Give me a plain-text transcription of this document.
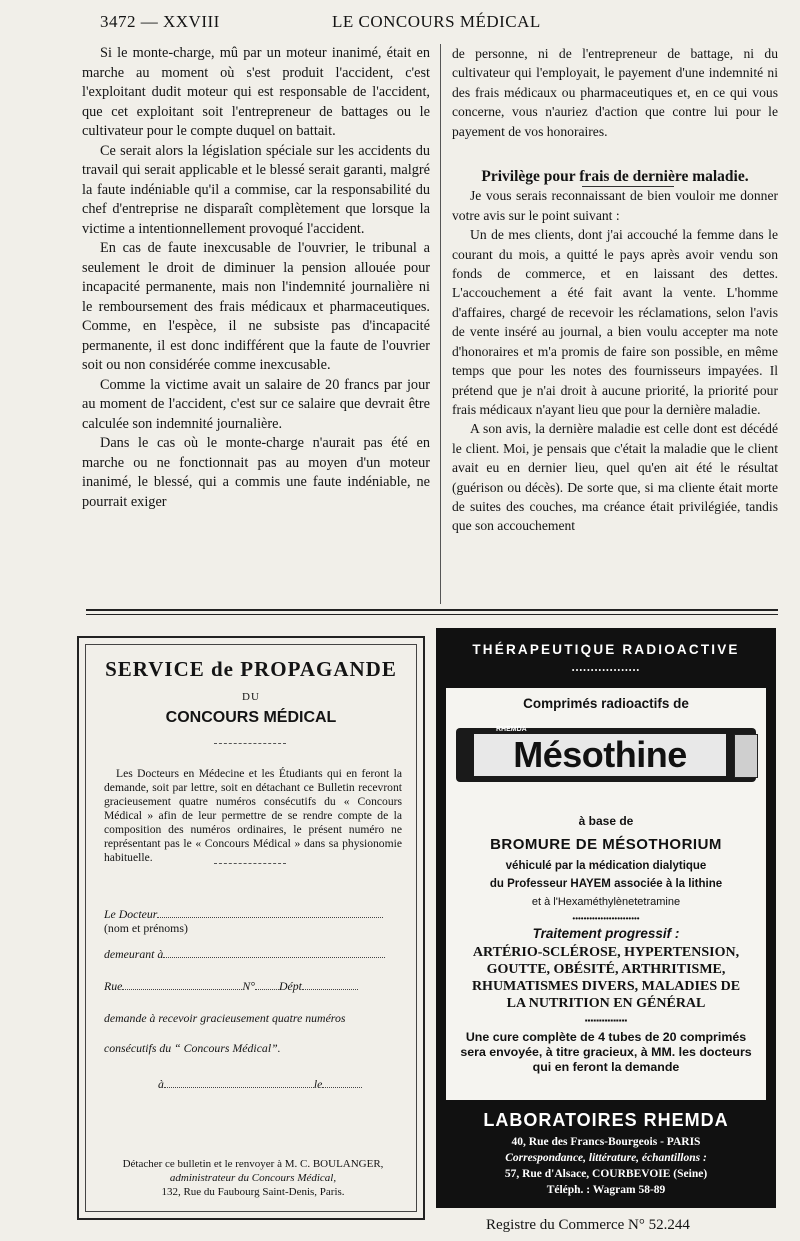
3472 — XXVIII	LE CONCOURS MÉDICAL

Si le monte-charge, mû par un moteur inanimé, était en marche au moment où s'est produit l'accident, c'est l'exploitant dudit moteur qui est responsable de l'accident, que cet exploitant soit l'entrepreneur de battages ou le cultivateur pour le compte duquel on battait.

Ce serait alors la législation spéciale sur les accidents du travail qui serait applicable et le blessé serait garanti, malgré la faute indéniable qu'il a commise, car la responsabilité du chef d'entreprise ne disparaît complètement que lorsque la victime a intentionnellement provoqué l'accident.

En cas de faute inexcusable de l'ouvrier, le tribunal a seulement le droit de diminuer la pension allouée pour incapacité permanente, mais non l'indemnité journalière ni le remboursement des frais médicaux et pharmaceutiques. Comme, en l'espèce, il ne subsiste pas d'incapacité permanente, il est donc indifférent que la faute de l'ouvrier soit ou non considérée comme inexcusable.

Comme la victime avait un salaire de 20 francs par jour au moment de l'accident, c'est sur ce salaire que devrait être calculée son indemnité journalière.

Dans le cas où le monte-charge n'aurait pas été en marche ou ne fonctionnait pas au moyen d'un moteur inanimé, le blessé, qui a commis une faute indéniable, ne pourrait exiger

de personne, ni de l'entrepreneur de battage, ni du cultivateur qui l'employait, le payement d'une indemnité ni des frais médicaux ou pharmaceutiques et, en ce qui vous concerne, vous n'auriez d'action que contre lui pour le payement de vos honoraires.

Privilège pour frais de dernière maladie.

Je vous serais reconnaissant de bien vouloir me donner votre avis sur le point suivant :

Un de mes clients, dont j'ai accouché la femme dans le courant du mois, a quitté le pays après avoir vendu son fonds de commerce, et en laissant des dettes. L'accouchement a été fait avant la vente. L'homme d'affaires, chargé de recevoir les réclamations, selon l'avis de vente inséré au journal, a bien voulu accepter ma note d'honoraires et m'a promis de faire son possible, en même temps que pour les notes des fournisseurs impayées. Il prétend que je n'ai droit à aucune priorité, la priorité pour frais médicaux n'ayant lieu que pour la dernière maladie.

A son avis, la dernière maladie est celle dont est décédé le client. Moi, je pensais que c'était la maladie que le client avait eu en dernier lieu, quel qu'en ait été le résultat (guérison ou décès). De sorte que, si ma cliente était morte de suites des couches, ma créance était privilégiée, tandis que son accouchement

SERVICE de PROPAGANDE
DU
CONCOURS MÉDICAL
Les Docteurs en Médecine et les Étudiants qui en feront la demande, soit par lettre, soit en détachant ce Bulletin recevront gracieusement quatre numéros consécutifs du « Concours Médical » afin de leur permettre de se rendre compte de la composition des numéros ordinaires, le présent numéro ne représentant pas le « Concours Médical » dans sa physionomie habituelle.
Le Docteur
(nom et prénoms)
demeurant à
Rue	N° Dépt
demande à recevoir gracieusement quatre numéros
consécutifs du “ Concours Médical”.
à	le
Détacher ce bulletin et le renvoyer à M. C. BOULANGER,
administrateur du Concours Médical,
132, Rue du Faubourg Saint-Denis, Paris.
THÉRAPEUTIQUE RADIOACTIVE
••••••••••••••••••
Comprimés radioactifs de
Mésothine
RHEMDA
à base de
BROMURE DE MÉSOTHORIUM
véhiculé par la médication dialytique
du Professeur HAYEM associée à la lithine
et à l'Hexaméthylènetetramine
••••••••••••••••••••••••
Traitement progressif :
ARTÉRIO-SCLÉROSE, HYPERTENSION,
GOUTTE, OBÉSITÉ, ARTHRITISME,
RHUMATISMES DIVERS, MALADIES DE
LA NUTRITION EN GÉNÉRAL
▪▪▪▪▪▪▪▪▪▪▪▪▪▪▪
Une cure complète de 4 tubes de 20 comprimés
sera envoyée, à titre gracieux, à MM. les docteurs
qui en feront la demande
LABORATOIRES RHEMDA
40, Rue des Francs-Bourgeois - PARIS
Correspondance, littérature, échantillons :
57, Rue d'Alsace, COURBEVOIE (Seine)
Téléph. : Wagram 58-89
Registre du Commerce N° 52.244
